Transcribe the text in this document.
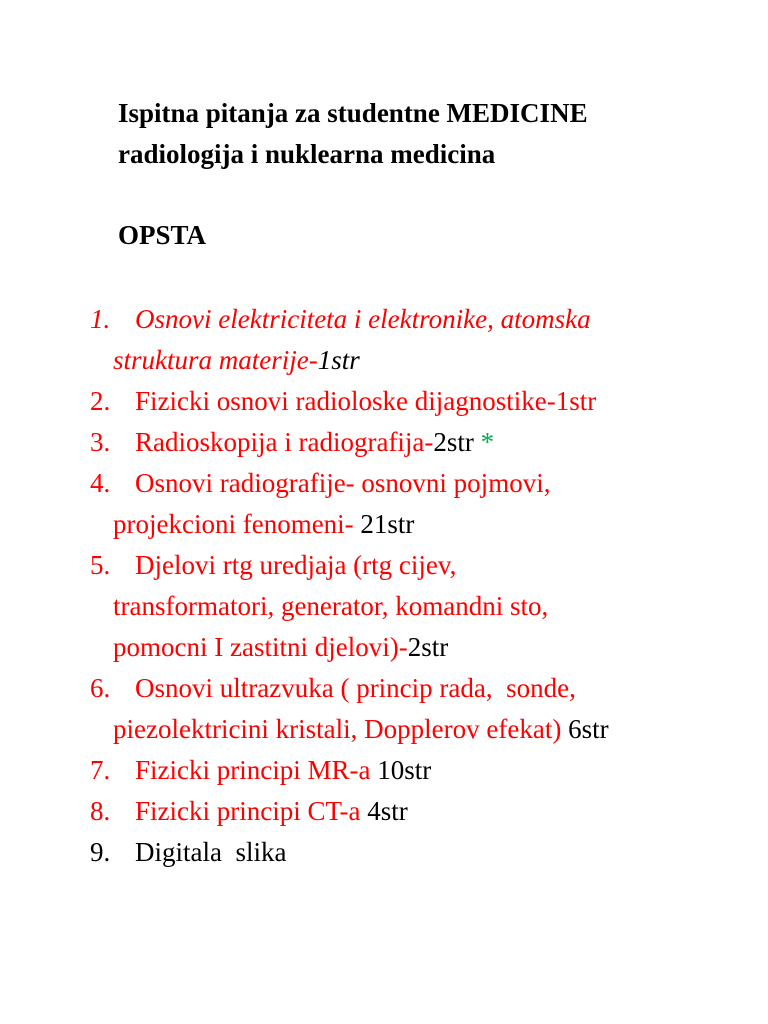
Ispitna pitanja za studentne MEDICINE
radiologija i nuklearna medicina
OPSTA
1. Osnovi elektriciteta i elektronike, atomska
struktura materije-1str
2. Fizicki osnovi radioloske dijagnostike-1str
3. Radioskopija i radiografija-2str *
4. Osnovi radiografije- osnovni pojmovi,
projekcioni fenomeni- 21str
5. Djelovi rtg uredjaja (rtg cijev,
transformatori, generator, komandni sto,
pomocni I zastitni djelovi)-2str
6. Osnovi ultrazvuka ( princip rada,  sonde,
piezolektricini kristali, Dopplerov efekat) 6str
7. Fizicki principi MR-a 10str
8. Fizicki principi CT-a 4str
9. Digitala  slika
